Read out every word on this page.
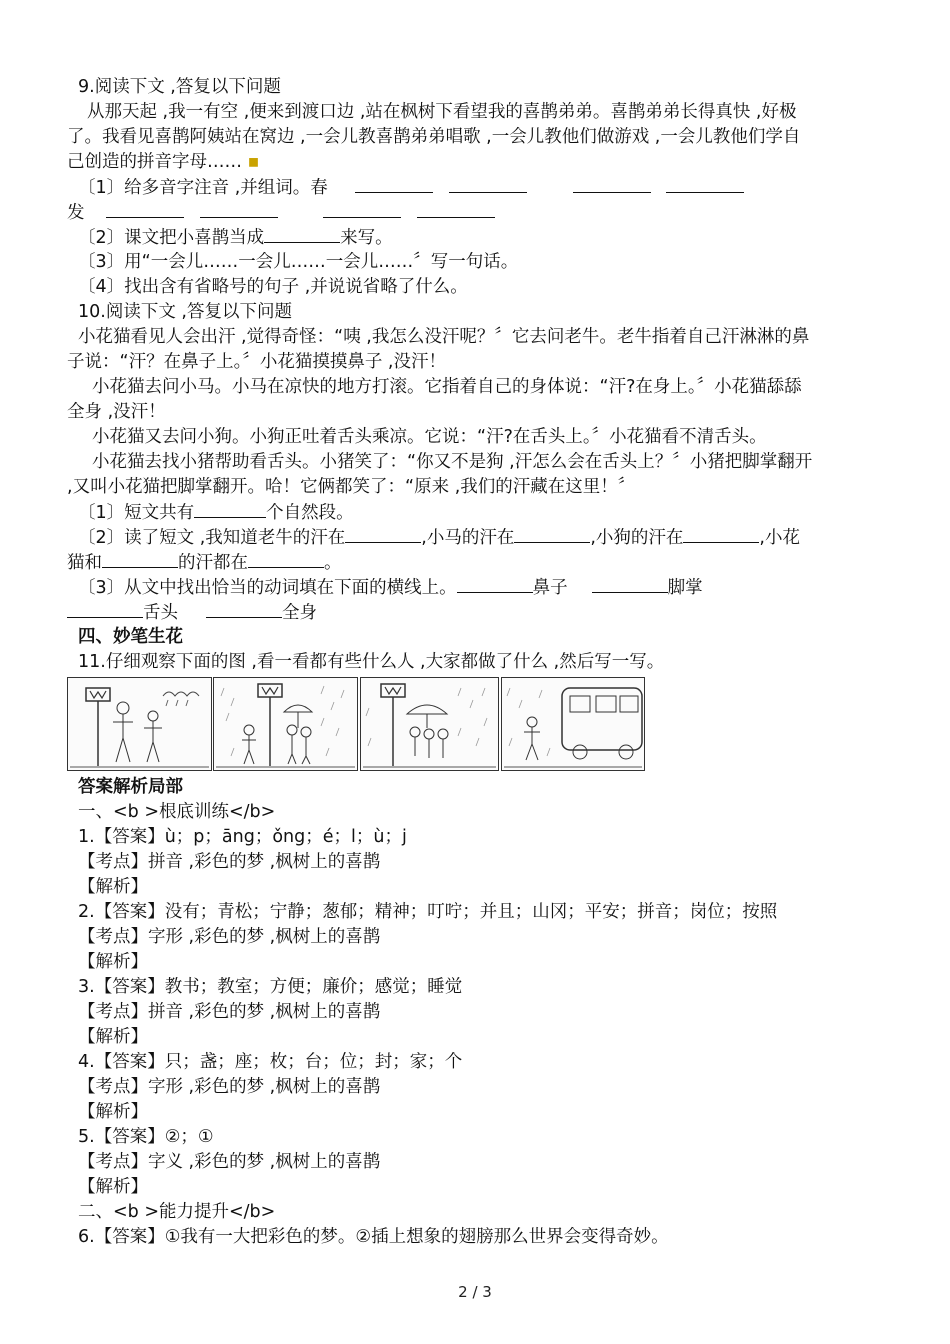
9.阅读下文 ,答复以下问题
从那天起 ,我一有空 ,便来到渡口边 ,站在枫树下看望我的喜鹊弟弟。喜鹊弟弟长得真快 ,好极
了。我看见喜鹊阿姨站在窝边 ,一会儿教喜鹊弟弟唱歌 ,一会儿教他们做游戏 ,一会儿教他们学自
己创造的拼音字母…… ▪
〔1〕给多音字注音 ,并组词。春
发
〔2〕课文把小喜鹊当成	来写。
〔3〕用“一会儿……一会儿……一会儿……〞写一句话。
〔4〕找出含有省略号的句子 ,并说说省略了什么。
10.阅读下文 ,答复以下问题
小花猫看见人会出汗 ,觉得奇怪：“咦 ,我怎么没汗呢？〞它去问老牛。老牛指着自己汗淋淋的鼻
子说：“汗？在鼻子上。〞小花猫摸摸鼻子 ,没汗！
小花猫去问小马。小马在凉快的地方打滚。它指着自己的身体说：“汗?在身上。〞小花猫舔舔
全身 ,没汗！
小花猫又去问小狗。小狗正吐着舌头乘凉。它说：“汗?在舌头上。〞小花猫看不清舌头。
小花猫去找小猪帮助看舌头。小猪笑了：“你又不是狗 ,汗怎么会在舌头上？〞小猪把脚掌翻开
,又叫小花猫把脚掌翻开。哈！它俩都笑了：“原来 ,我们的汗藏在这里！〞
〔1〕短文共有	个自然段。
〔2〕读了短文 ,我知道老牛的汗在	,小马的汗在	,小狗的汗在	,小花
猫和	的汗都在	。
〔3〕从文中找出恰当的动词填在下面的横线上。	鼻子	脚掌
舌头	全身
四、妙笔生花
11.仔细观察下面的图 ,看一看都有些什么人 ,大家都做了什么 ,然后写一写。
答案解析局部
一、<b >根底训练</b>
1.【答案】ù；p；āng；ǒng；é；l；ù；j
【考点】拼音 ,彩色的梦 ,枫树上的喜鹊
【解析】
2.【答案】没有；青松；宁静；葱郁；精神；叮咛；并且；山冈；平安；拼音；岗位；按照
【考点】字形 ,彩色的梦 ,枫树上的喜鹊
【解析】
3.【答案】教书；教室；方便；廉价；感觉；睡觉
【考点】拼音 ,彩色的梦 ,枫树上的喜鹊
【解析】
4.【答案】只；盏；座；枚；台；位；封；家；个
【考点】字形 ,彩色的梦 ,枫树上的喜鹊
【解析】
5.【答案】②；①
【考点】字义 ,彩色的梦 ,枫树上的喜鹊
【解析】
二、<b >能力提升</b>
6.【答案】①我有一大把彩色的梦。②插上想象的翅膀那么世界会变得奇妙。
2 / 3
